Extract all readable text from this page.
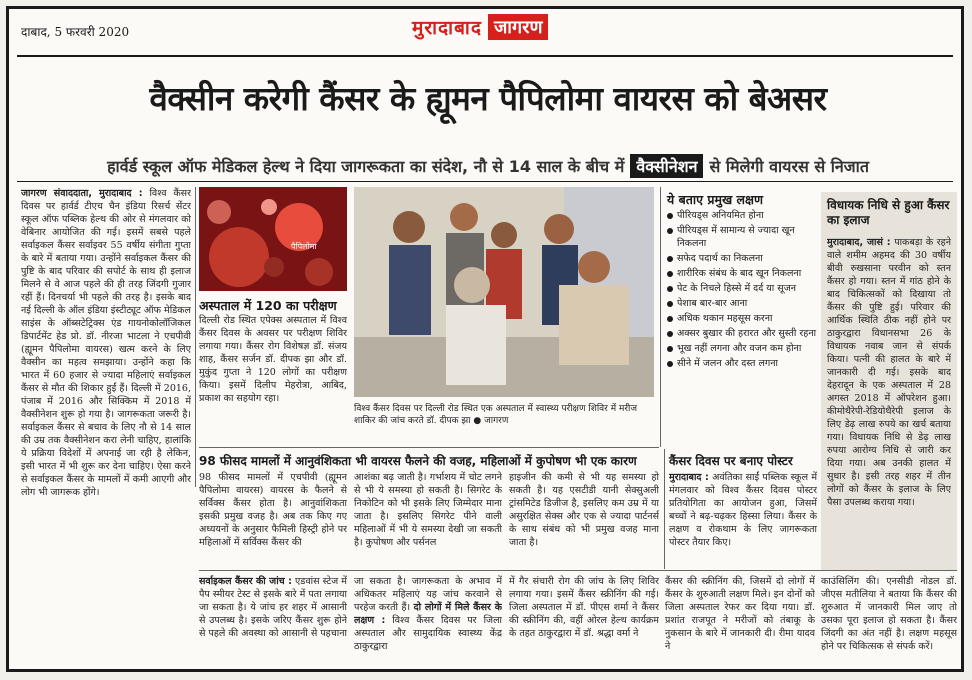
दाबाद, 5 फरवरी 2020	मुरादाबाद जागरण
वैक्सीन करेगी कैंसर के ह्यूमन पैपिलोमा वायरस को बेअसर
हार्वर्ड स्कूल ऑफ मेडिकल हेल्थ ने दिया जागरूकता का संदेश, नौ से 14 साल के बीच में वैक्सीनेशन से मिलेगी वायरस से निजात
जागरण संवाददाता, मुरादाबाद : विश्व कैंसर दिवस पर हार्वर्ड टीएच चैन इंडिया रिसर्च सेंटर स्कूल ऑफ पब्लिक हेल्थ की ओर से मंगलवार को वेबिनार आयोजित की गई। इसमें सबसे पहले सर्वाइकल कैंसर सर्वाइवर 55 वर्षीय संगीता गुप्ता के बारे में बताया गया। उन्होंने सर्वाइकल कैंसर की पुष्टि के बाद परिवार की सपोर्ट के साथ ही इलाज मिलने से वे आज पहले की ही तरह जिंदगी गुजार रहीं हैं। दिनचर्या भी पहले की तरह है। इसके बाद नई दिल्ली के ऑल इंडिया इंस्टीट्यूट ऑफ मेडिकल साइंस के ऑब्सटेट्रिक्स एंड गायनोकोलॉजिकल डिपार्टमेंट हेड प्रो. डॉ. नीरजा भाटला ने एचपीवी (ह्यूमन पैपिलोमा वायरस) खत्म करने के लिए वैक्सीन का महत्व समझाया। उन्होंने कहा कि भारत में 60 हजार से ज्यादा महिलाएं सर्वाइकल कैंसर से मौत की शिकार हुईं हैं। दिल्ली में 2016, पंजाब में 2016 और सिक्किम में 2018 में वैक्सीनेशन शुरू हो गया है। जागरूकता जरूरी है। सर्वाइकल कैंसर से बचाव के लिए नौ से 14 साल की उम्र तक वैक्सीनेशन करा लेनी चाहिए, हालांकि ये प्रक्रिया विदेशों में अपनाई जा रही है लेकिन, इसी भारत में भी शुरू कर देना चाहिए। ऐसा करने से सर्वाइकल कैंसर के मामलों में कमी आएगी और लोग भी जागरूक होंगे।
पैपिलोमा
अस्पताल में 120 का परीक्षण
दिल्ली रोड स्थित एपेक्स अस्पताल में विश्व कैंसर दिवस के अवसर पर परीक्षण शिविर लगाया गया। कैंसर रोग विशेषज्ञ डॉ. संजय शाह, कैंसर सर्जन डॉ. दीपक झा और डॉ. मुकुंद गुप्ता ने 120 लोगों का परीक्षण किया। इसमें दिलीप मेहरोत्रा, आबिद, प्रकाश का सहयोग रहा।
विश्व कैंसर दिवस पर दिल्ली रोड स्थित एक अस्पताल में स्वास्थ्य परीक्षण शिविर में मरीज शाकिर की जांच करते डॉ. दीपक झा ● जागरण
ये बताए प्रमुख लक्षण
पीरियड्स अनियमित होना
पीरियड्स में सामान्य से ज्यादा खून निकलना
सफेद पदार्थ का निकलना
शारीरिक संबंध के बाद खून निकलना
पेट के निचले हिस्से में दर्द या सूजन
पेशाब बार-बार आना
अधिक थकान महसूस करना
अक्सर बुखार की हरारत और सुस्ती रहना
भूख नहीं लगना और वजन कम होना
सीने में जलन और दस्त लगना
विधायक निधि से हुआ कैंसर का इलाज
मुरादाबाद, जासं : पाकबड़ा के रहने वाले शमीम अहमद की 30 वर्षीय बीवी रुखसाना परवीन को स्तन कैंसर हो गया। स्तन में गांठ होने के बाद चिकित्सकों को दिखाया तो कैंसर की पुष्टि हुई। परिवार की आर्थिक स्थिति ठीक नहीं होने पर ठाकुरद्वारा विधानसभा 26 के विधायक नवाब जान से संपर्क किया। पत्नी की हालत के बारे में जानकारी दी गई। इसके बाद देहरादून के एक अस्पताल में 28 अगस्त 2018 में ऑपरेशन हुआ। कीमोथैरेपी-रेडियोथैरेपी इलाज के लिए डेढ़ लाख रुपये का खर्च बताया गया। विधायक निधि से डेढ़ लाख रुपया आरोग्य निधि से जारी कर दिया गया। अब उनकी हालत में सुधार है। इसी तरह शहर में तीन लोगों को कैंसर के इलाज के लिए पैसा उपलब्ध कराया गया।
98 फीसद मामलों में आनुवंशिकता भी वायरस फैलने की वजह, महिलाओं में कुपोषण भी एक कारण
98 फीसद मामलों में एचपीवी (ह्यूमन पैपिलोमा वायरस) वायरस के फैलने से सर्विक्स कैंसर होता है। आनुवांशिकता इसकी प्रमुख वजह है। अब तक किए गए अध्ययनों के अनुसार फैमिली हिस्ट्री होने पर महिलाओं में सर्विक्स कैंसर की
आशंका बढ़ जाती है। गर्भाशय में चोट लगने से भी ये समस्या हो सकती है। सिगरेट के निकोटिन को भी इसके लिए जिम्मेदार माना जाता है। इसलिए सिगरेट पीने वाली महिलाओं में भी ये समस्या देखी जा सकती है। कुपोषण और पर्सनल
हाइजीन की कमी से भी यह समस्या हो सकती है। यह एसटीडी यानी सेक्सुअली ट्रांसमिटेड डिजीज है, इसलिए कम उम्र में या असुरक्षित सेक्स और एक से ज्यादा पार्टनर्स के साथ संबंध को भी प्रमुख वजह माना जाता है।
कैंसर दिवस पर बनाए पोस्टर
मुरादाबाद : अवंतिका साईं पब्लिक स्कूल में मंगलवार को विश्व कैंसर दिवस पोस्टर प्रतियोगिता का आयोजन हुआ, जिसमें बच्चों ने बढ़-चढ़कर हिस्सा लिया। कैंसर के लक्षण व रोकथाम के लिए जागरूकता पोस्टर तैयार किए।
सर्वाइकल कैंसर की जांच : एडवांस स्टेज में पैप स्मीयर टेस्ट से इसके बारे में पता लगाया जा सकता है। ये जांच हर शहर में आसानी से उपलब्ध है। इसके जरिए कैंसर शुरू होने से पहले की अवस्था को आसानी से पहचाना
जा सकता है। जागरूकता के अभाव में अधिकतर महिलाएं यह जांच करवाने से परहेज करती हैं। दो लोगों में मिले कैंसर के लक्षण : विश्व कैंसर दिवस पर जिला अस्पताल और सामुदायिक स्वास्थ्य केंद्र ठाकुरद्वारा
में गैर संचारी रोग की जांच के लिए शिविर लगाया गया। इसमें कैंसर स्क्रीनिंग की गई। जिला अस्पताल में डॉ. पीएस शर्मा ने कैंसर की स्क्रीनिंग की, वहीं ओरल हेल्थ कार्यक्रम के तहत ठाकुरद्वारा में डॉ. श्रद्धा वर्मा ने
कैंसर की स्क्रीनिंग की, जिसमें दो लोगों में कैंसर के शुरुआती लक्षण मिले। इन दोनों को जिला अस्पताल रेफर कर दिया गया। डॉ. प्रशांत राजपूत ने मरीजों को तंबाकू के नुकसान के बारे में जानकारी दी। रीमा यादव ने
काउंसिलिंग की। एनसीडी नोडल डॉ. जीएस मतीलिया ने बताया कि कैंसर की शुरुआत में जानकारी मिल जाए तो उसका पूरा इलाज हो सकता है। कैंसर जिंदगी का अंत नहीं है। लक्षण महसूस होने पर चिकित्सक से संपर्क करें।
